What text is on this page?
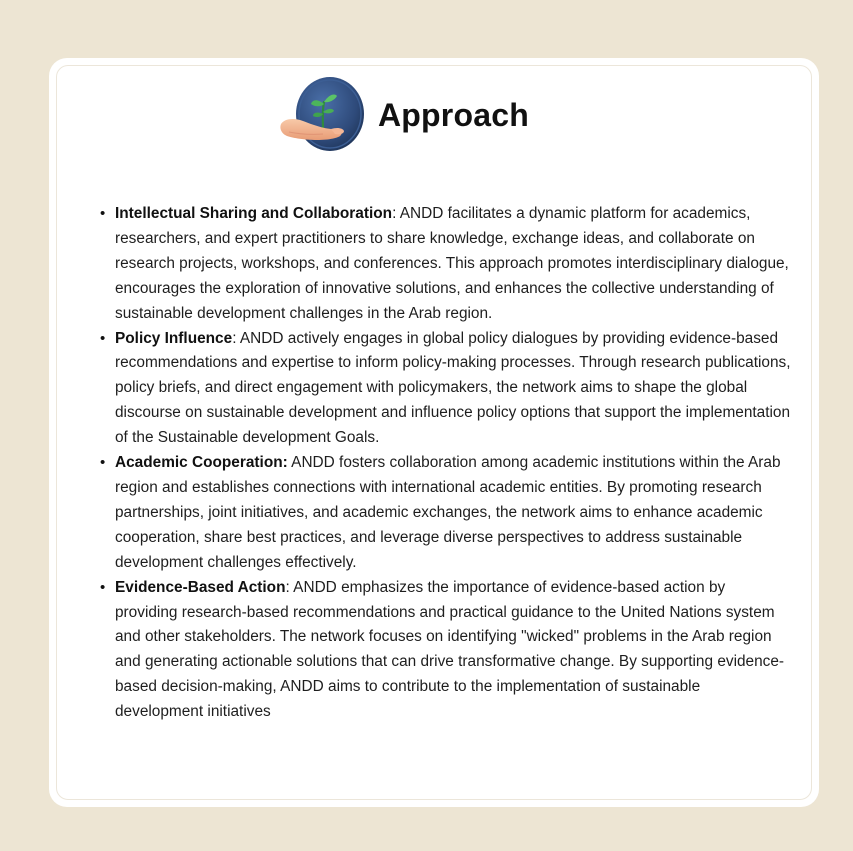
Approach
• Intellectual Sharing and Collaboration: ANDD facilitates a dynamic platform for academics, researchers, and expert practitioners to share knowledge, exchange ideas, and collaborate on research projects, workshops, and conferences. This approach promotes interdisciplinary dialogue, encourages the exploration of innovative solutions, and enhances the collective understanding of sustainable development challenges in the Arab region.
• Policy Influence: ANDD actively engages in global policy dialogues by providing evidence-based recommendations and expertise to inform policy-making processes. Through research publications, policy briefs, and direct engagement with policymakers, the network aims to shape the global discourse on sustainable development and influence policy options that support the implementation of the Sustainable development Goals.
• Academic Cooperation: ANDD fosters collaboration among academic institutions within the Arab region and establishes connections with international academic entities. By promoting research partnerships, joint initiatives, and academic exchanges, the network aims to enhance academic cooperation, share best practices, and leverage diverse perspectives to address sustainable development challenges effectively.
• Evidence-Based Action: ANDD emphasizes the importance of evidence-based action by providing research-based recommendations and practical guidance to the United Nations system and other stakeholders. The network focuses on identifying "wicked" problems in the Arab region and generating actionable solutions that can drive transformative change. By supporting evidence-based decision-making, ANDD aims to contribute to the implementation of sustainable development initiatives
